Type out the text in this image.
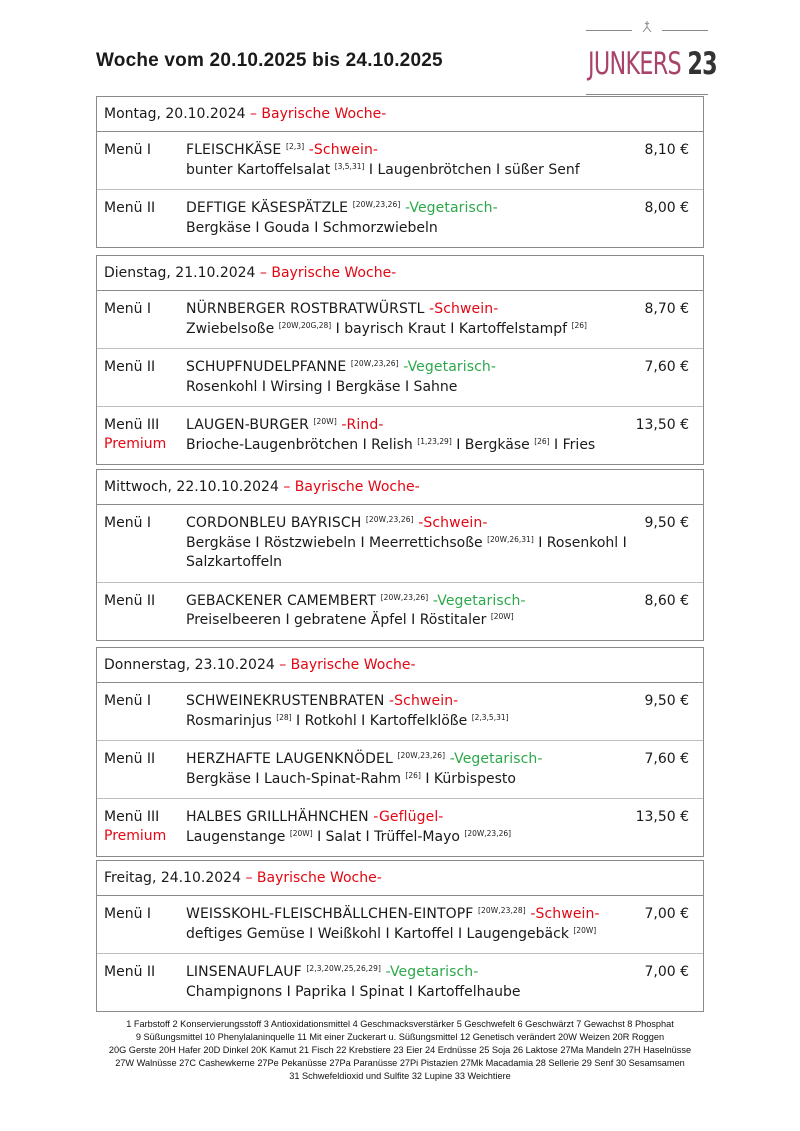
Woche vom 20.10.2025 bis 24.10.2025	JUNKERS 23
Montag, 20.10.2024 – Bayrische Woche-
Menü I FLEISCHKÄSE [2,3] -Schwein-
bunter Kartoffelsalat [3,5,31] I Laugenbrötchen I süßer Senf
8,10 €
Menü II DEFTIGE KÄSESPÄTZLE [20W,23,26] -Vegetarisch-
Bergkäse I Gouda I Schmorzwiebeln
8,00 €
Dienstag, 21.10.2024 – Bayrische Woche-
Menü I NÜRNBERGER ROSTBRATWÜRSTL -Schwein-
Zwiebelsoße [20W,20G,28] I bayrisch Kraut I Kartoffelstampf [26]
8,70 €
Menü II SCHUPFNUDELPFANNE [20W,23,26] -Vegetarisch-
Rosenkohl I Wirsing I Bergkäse I Sahne
7,60 €
Menü III
Premium
LAUGEN-BURGER [20W] -Rind-
Brioche-Laugenbrötchen I Relish [1,23,29] I Bergkäse [26] I Fries
13,50 €
Mittwoch, 22.10.10.2024 – Bayrische Woche-
Menü I CORDONBLEU BAYRISCH [20W,23,26] -Schwein-
Bergkäse I Röstzwiebeln I Meerrettichsoße [20W,26,31] I Rosenkohl I Salzkartoffeln
9,50 €
Menü II GEBACKENER CAMEMBERT [20W,23,26] -Vegetarisch-
Preiselbeeren I gebratene Äpfel I Röstitaler [20W]
8,60 €
Donnerstag, 23.10.2024 – Bayrische Woche-
Menü I SCHWEINEKRUSTENBRATEN -Schwein-
Rosmarinjus [28] I Rotkohl I Kartoffelklöße [2,3,5,31]
9,50 €
Menü II HERZHAFTE LAUGENKNÖDEL [20W,23,26] -Vegetarisch-
Bergkäse I Lauch-Spinat-Rahm [26] I Kürbispesto
7,60 €
Menü III
Premium
HALBES GRILLHÄHNCHEN -Geflügel-
Laugenstange [20W] I Salat I Trüffel-Mayo [20W,23,26]
13,50 €
Freitag, 24.10.2024 – Bayrische Woche-
Menü I WEISSKOHL-FLEISCHBÄLLCHEN-EINTOPF [20W,23,28] -Schwein-
deftiges Gemüse I Weißkohl I Kartoffel I Laugengebäck [20W]
7,00 €
Menü II LINSENAUFLAUF [2,3,20W,25,26,29] -Vegetarisch-
Champignons I Paprika I Spinat I Kartoffelhaube
7,00 €
1 Farbstoff 2 Konservierungsstoff 3 Antioxidationsmittel 4 Geschmacksverstärker 5 Geschwefelt 6 Geschwärzt 7 Gewachst 8 Phosphat
9 Süßungsmittel 10 Phenylalaninquelle 11 Mit einer Zuckerart u. Süßungsmittel 12 Genetisch verändert 20W Weizen 20R Roggen
20G Gerste 20H Hafer 20D Dinkel 20K Kamut 21 Fisch 22 Krebstiere 23 Eier 24 Erdnüsse 25 Soja 26 Laktose 27Ma Mandeln 27H Haselnüsse
27W Walnüsse 27C Cashewkerne 27Pe Pekanüsse 27Pa Paranüsse 27Pi Pistazien 27Mk Macadamia 28 Sellerie 29 Senf 30 Sesamsamen
31 Schwefeldioxid und Sulfite 32 Lupine 33 Weichtiere
